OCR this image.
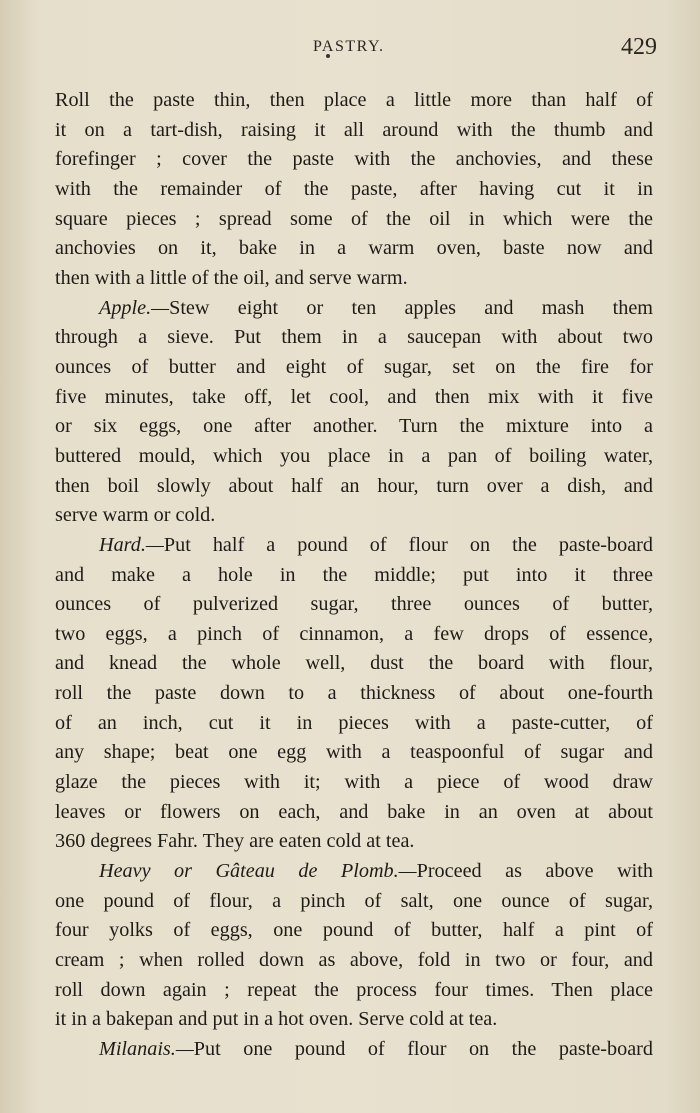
PASTRY.	429
Roll the paste thin, then place a little more than half of
it on a tart-dish, raising it all around with the thumb and
forefinger ; cover the paste with the anchovies, and these
with the remainder of the paste, after having cut it in
square pieces ; spread some of the oil in which were the
anchovies on it, bake in a warm oven, baste now and
then with a little of the oil, and serve warm.
Apple.—Stew eight or ten apples and mash them
through a sieve. Put them in a saucepan with about two
ounces of butter and eight of sugar, set on the fire for
five minutes, take off, let cool, and then mix with it five
or six eggs, one after another. Turn the mixture into a
buttered mould, which you place in a pan of boiling water,
then boil slowly about half an hour, turn over a dish, and
serve warm or cold.
Hard.—Put half a pound of flour on the paste-board
and make a hole in the middle; put into it three
ounces of pulverized sugar, three ounces of butter,
two eggs, a pinch of cinnamon, a few drops of essence,
and knead the whole well, dust the board with flour,
roll the paste down to a thickness of about one-fourth
of an inch, cut it in pieces with a paste-cutter, of
any shape; beat one egg with a teaspoonful of sugar and
glaze the pieces with it; with a piece of wood draw
leaves or flowers on each, and bake in an oven at about
360 degrees Fahr. They are eaten cold at tea.
Heavy or Gâteau de Plomb.—Proceed as above with
one pound of flour, a pinch of salt, one ounce of sugar,
four yolks of eggs, one pound of butter, half a pint of
cream ; when rolled down as above, fold in two or four, and
roll down again ; repeat the process four times. Then place
it in a bakepan and put in a hot oven. Serve cold at tea.
Milanais.—Put one pound of flour on the paste-board
